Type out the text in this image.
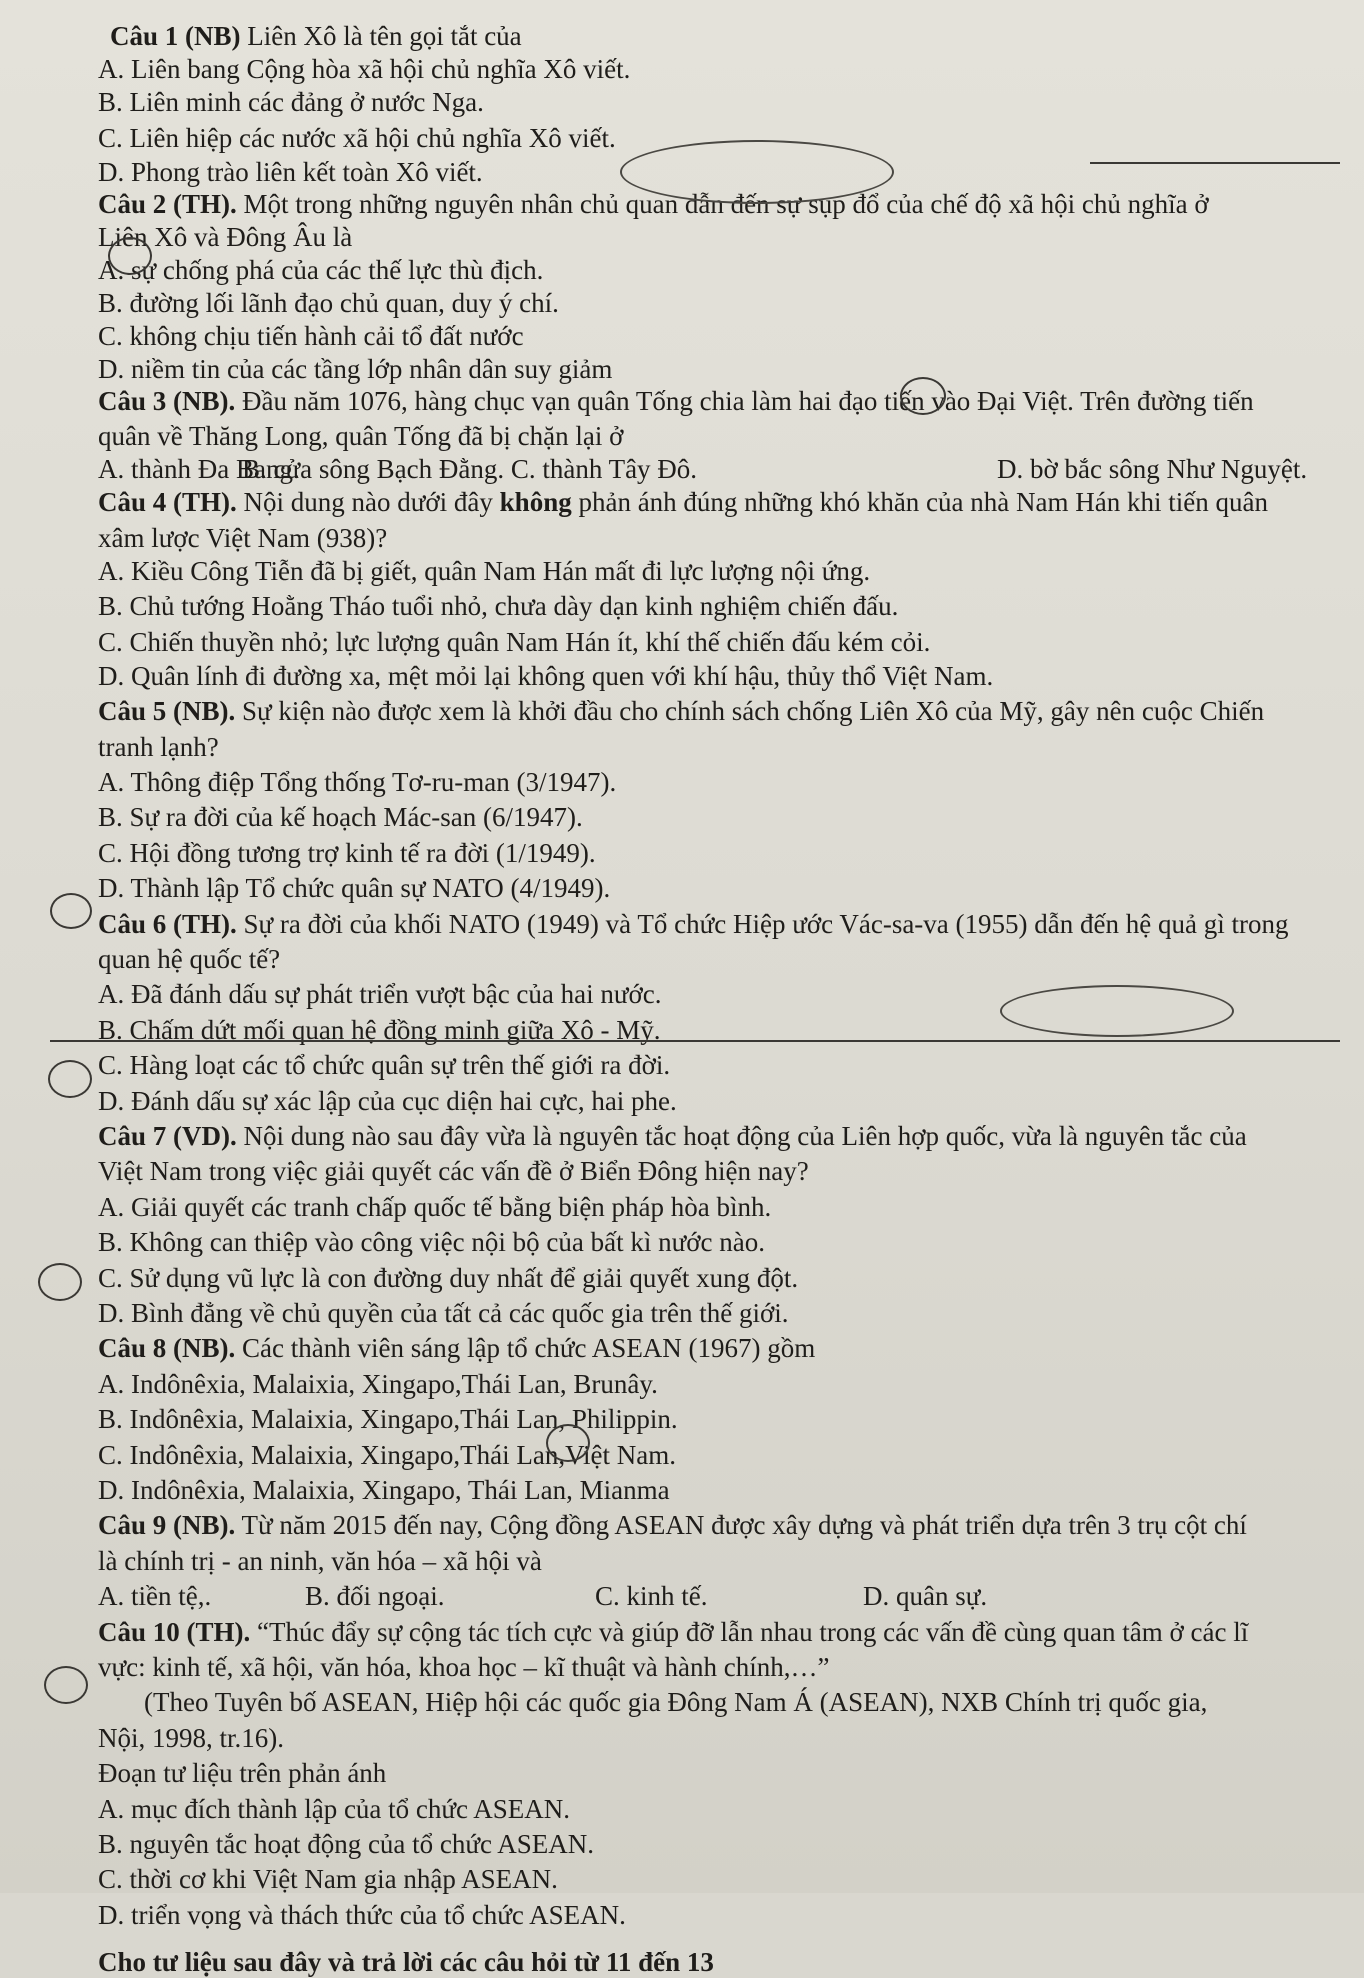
Câu 1 (NB) Liên Xô là tên gọi tắt của
A. Liên bang Cộng hòa xã hội chủ nghĩa Xô viết.
B. Liên minh các đảng ở nước Nga.
C. Liên hiệp các nước xã hội chủ nghĩa Xô viết.
D. Phong trào liên kết toàn Xô viết.
Câu 2 (TH). Một trong những nguyên nhân chủ quan dẫn đến sự sụp đổ của chế độ xã hội chủ nghĩa ở
Liên Xô và Đông Âu là
A. sự chống phá của các thế lực thù địch.
B. đường lối lãnh đạo chủ quan, duy ý chí.
C. không chịu tiến hành cải tổ đất nước
D. niềm tin của các tầng lớp nhân dân suy giảm
Câu 3 (NB). Đầu năm 1076, hàng chục vạn quân Tống chia làm hai đạo tiến vào Đại Việt. Trên đường tiến
quân về Thăng Long, quân Tống đã bị chặn lại ở
A. thành Đa Bang.
B. cửa sông Bạch Đằng. C. thành Tây Đô.	D. bờ bắc sông Như Nguyệt.
Câu 4 (TH). Nội dung nào dưới đây không phản ánh đúng những khó khăn của nhà Nam Hán khi tiến quân
xâm lược Việt Nam (938)?
A. Kiều Công Tiễn đã bị giết, quân Nam Hán mất đi lực lượng nội ứng.
B. Chủ tướng Hoằng Tháo tuổi nhỏ, chưa dày dạn kinh nghiệm chiến đấu.
C. Chiến thuyền nhỏ; lực lượng quân Nam Hán ít, khí thế chiến đấu kém cỏi.
D. Quân lính đi đường xa, mệt mỏi lại không quen với khí hậu, thủy thổ Việt Nam.
Câu 5 (NB). Sự kiện nào được xem là khởi đầu cho chính sách chống Liên Xô của Mỹ, gây nên cuộc Chiến
tranh lạnh?
A. Thông điệp Tổng thống Tơ-ru-man (3/1947).
B. Sự ra đời của kế hoạch Mác-san (6/1947).
C. Hội đồng tương trợ kinh tế ra đời (1/1949).
D. Thành lập Tổ chức quân sự NATO (4/1949).
Câu 6 (TH). Sự ra đời của khối NATO (1949) và Tổ chức Hiệp ước Vác-sa-va (1955) dẫn đến hệ quả gì trong
quan hệ quốc tế?
A. Đã đánh dấu sự phát triển vượt bậc của hai nước.
B. Chấm dứt mối quan hệ đồng minh giữa Xô - Mỹ.
C. Hàng loạt các tổ chức quân sự trên thế giới ra đời.
D. Đánh dấu sự xác lập của cục diện hai cực, hai phe.
Câu 7 (VD). Nội dung nào sau đây vừa là nguyên tắc hoạt động của Liên hợp quốc, vừa là nguyên tắc của
Việt Nam trong việc giải quyết các vấn đề ở Biển Đông hiện nay?
A. Giải quyết các tranh chấp quốc tế bằng biện pháp hòa bình.
B. Không can thiệp vào công việc nội bộ của bất kì nước nào.
C. Sử dụng vũ lực là con đường duy nhất để giải quyết xung đột.
D. Bình đẳng về chủ quyền của tất cả các quốc gia trên thế giới.
Câu 8 (NB). Các thành viên sáng lập tổ chức ASEAN (1967) gồm
A. Indônêxia, Malaixia, Xingapo,Thái Lan, Brunây.
B. Indônêxia, Malaixia, Xingapo,Thái Lan, Philippin.
C. Indônêxia, Malaixia, Xingapo,Thái Lan,Việt Nam.
D. Indônêxia, Malaixia, Xingapo, Thái Lan, Mianma
Câu 9 (NB). Từ năm 2015 đến nay, Cộng đồng ASEAN được xây dựng và phát triển dựa trên 3 trụ cột chí
là chính trị - an ninh, văn hóa – xã hội và
A. tiền tệ,.	B. đối ngoại.	C. kinh tế.	D. quân sự.
Câu 10 (TH). “Thúc đẩy sự cộng tác tích cực và giúp đỡ lẫn nhau trong các vấn đề cùng quan tâm ở các lĩ
vực: kinh tế, xã hội, văn hóa, khoa học – kĩ thuật và hành chính,…”
(Theo Tuyên bố ASEAN, Hiệp hội các quốc gia Đông Nam Á (ASEAN), NXB Chính trị quốc gia,
Nội, 1998, tr.16).
Đoạn tư liệu trên phản ánh
A. mục đích thành lập của tổ chức ASEAN.
B. nguyên tắc hoạt động của tổ chức ASEAN.
C. thời cơ khi Việt Nam gia nhập ASEAN.
D. triển vọng và thách thức của tổ chức ASEAN.
Cho tư liệu sau đây và trả lời các câu hỏi từ 11 đến 13
